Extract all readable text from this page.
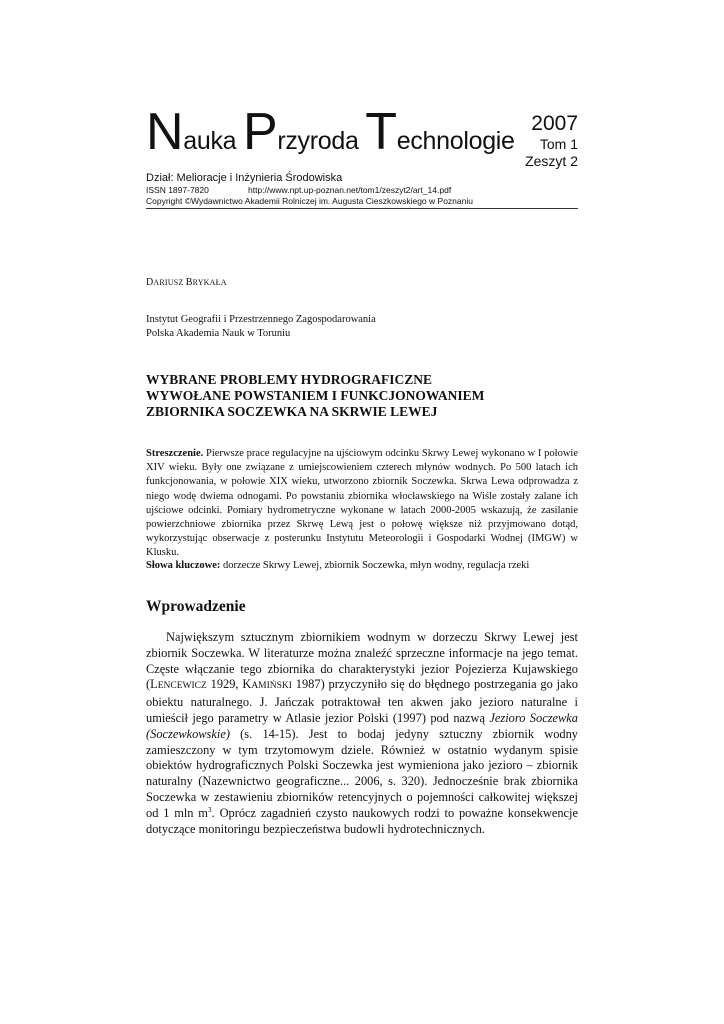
Nauka Przyroda Technologie
2007
Tom 1
Zeszyt 2
Dział: Melioracje i Inżynieria Środowiska
ISSN 1897-7820	http://www.npt.up-poznan.net/tom1/zeszyt2/art_14.pdf
Copyright ©Wydawnictwo Akademii Rolniczej im. Augusta Cieszkowskiego w Poznaniu
DARIUSZ BRYKAŁA
Instytut Geografii i Przestrzennego Zagospodarowania
Polska Akademia Nauk w Toruniu
WYBRANE PROBLEMY HYDROGRAFICZNE
WYWOŁANE POWSTANIEM I FUNKCJONOWANIEM
ZBIORNIKA SOCZEWKA NA SKRWIE LEWEJ
Streszczenie. Pierwsze prace regulacyjne na ujściowym odcinku Skrwy Lewej wykonano w I połowie XIV wieku. Były one związane z umiejscowieniem czterech młynów wodnych. Po 500 latach ich funkcjonowania, w połowie XIX wieku, utworzono zbiornik Soczewka. Skrwa Lewa odprowadza z niego wodę dwiema odnogami. Po powstaniu zbiornika włocławskiego na Wiśle zostały zalane ich ujściowe odcinki. Pomiary hydrometryczne wykonane w latach 2000-2005 wskazują, że zasilanie powierzchniowe zbiornika przez Skrwę Lewą jest o połowę większe niż przyjmowano dotąd, wykorzystując obserwacje z posterunku Instytutu Meteorologii i Gospodarki Wodnej (IMGW) w Klusku.
Słowa kluczowe: dorzecze Skrwy Lewej, zbiornik Soczewka, młyn wodny, regulacja rzeki
Wprowadzenie

Największym sztucznym zbiornikiem wodnym w dorzeczu Skrwy Lewej jest zbiornik Soczewka. W literaturze można znaleźć sprzeczne informacje na jego temat. Częste włączanie tego zbiornika do charakterystyki jezior Pojezierza Kujawskiego (LENCEWICZ 1929, KAMIŃSKI 1987) przyczyniło się do błędnego postrzegania go jako obiektu naturalnego. J. Jańczak potraktował ten akwen jako jezioro naturalne i umieścił jego parametry w Atlasie jezior Polski (1997) pod nazwą Jezioro Soczewka (Soczewkowskie) (s. 14-15). Jest to bodaj jedyny sztuczny zbiornik wodny zamieszczony w tym trzytomowym dziele. Również w ostatnio wydanym spisie obiektów hydrograficznych Polski Soczewka jest wymieniona jako jezioro – zbiornik naturalny (Nazewnictwo geograficzne... 2006, s. 320). Jednocześnie brak zbiornika Soczewka w zestawieniu zbiorników retencyjnych o pojemności całkowitej większej od 1 mln $m^3$. Oprócz zagadnień czysto naukowych rodzi to poważne konsekwencje dotyczące monitoringu bezpieczeństwa budowli hydrotechnicznych.
